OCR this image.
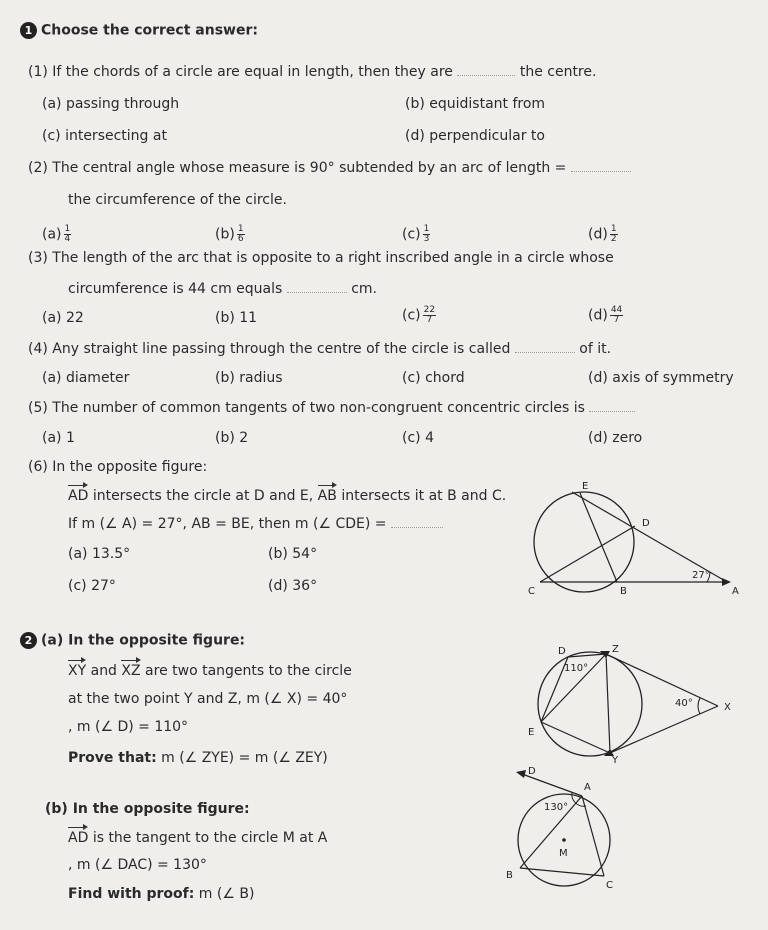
1 Choose the correct answer:
(1) If the chords of a circle are equal in length, then they are	the centre.
(a) passing through	(b) equidistant from
(c) intersecting at	(d) perpendicular to
(2) The central angle whose measure is 90° subtended by an arc of length =
the circumference of the circle.
$(a) \frac{1}{4}$	$(b) \frac{1}{6}$	$(c) \frac{1}{3}$	$(d) \frac{1}{2}$
(3) The length of the arc that is opposite to a right inscribed angle in a circle whose
circumference is 44 cm equals	cm.
(a) 22	(b) 11	$(c) \frac{22}{7}$	$(d) \frac{44}{7}$
(4) Any straight line passing through the centre of the circle is called	of it.
(a) diameter	(b) radius	(c) chord	(d) axis of symmetry
(5) The number of common tangents of two non-congruent concentric circles is
(a) 1	(b) 2	(c) 4	(d) zero
(6) In the opposite figure:
AD intersects the circle at D and E, AB intersects it at B and C.
If m (∠ A) = 27°, AB = BE, then m (∠ CDE) =
(a) 13.5°	(b) 54°
(c) 27°	(d) 36°
E
D
C	B	A
27°
2 (a) In the opposite figure:
XY and XZ are two tangents to the circle
at the two point Y and Z, m (∠ X) = 40°
, m (∠ D) = 110°
Prove that: m (∠ ZYE) = m (∠ ZEY)
D	Z
X
E
Y
110°
40°
(b) In the opposite figure:
AD is the tangent to the circle M at A
, m (∠ DAC) = 130°
Find with proof: m (∠ B)
D
A
M
B
C
130°
